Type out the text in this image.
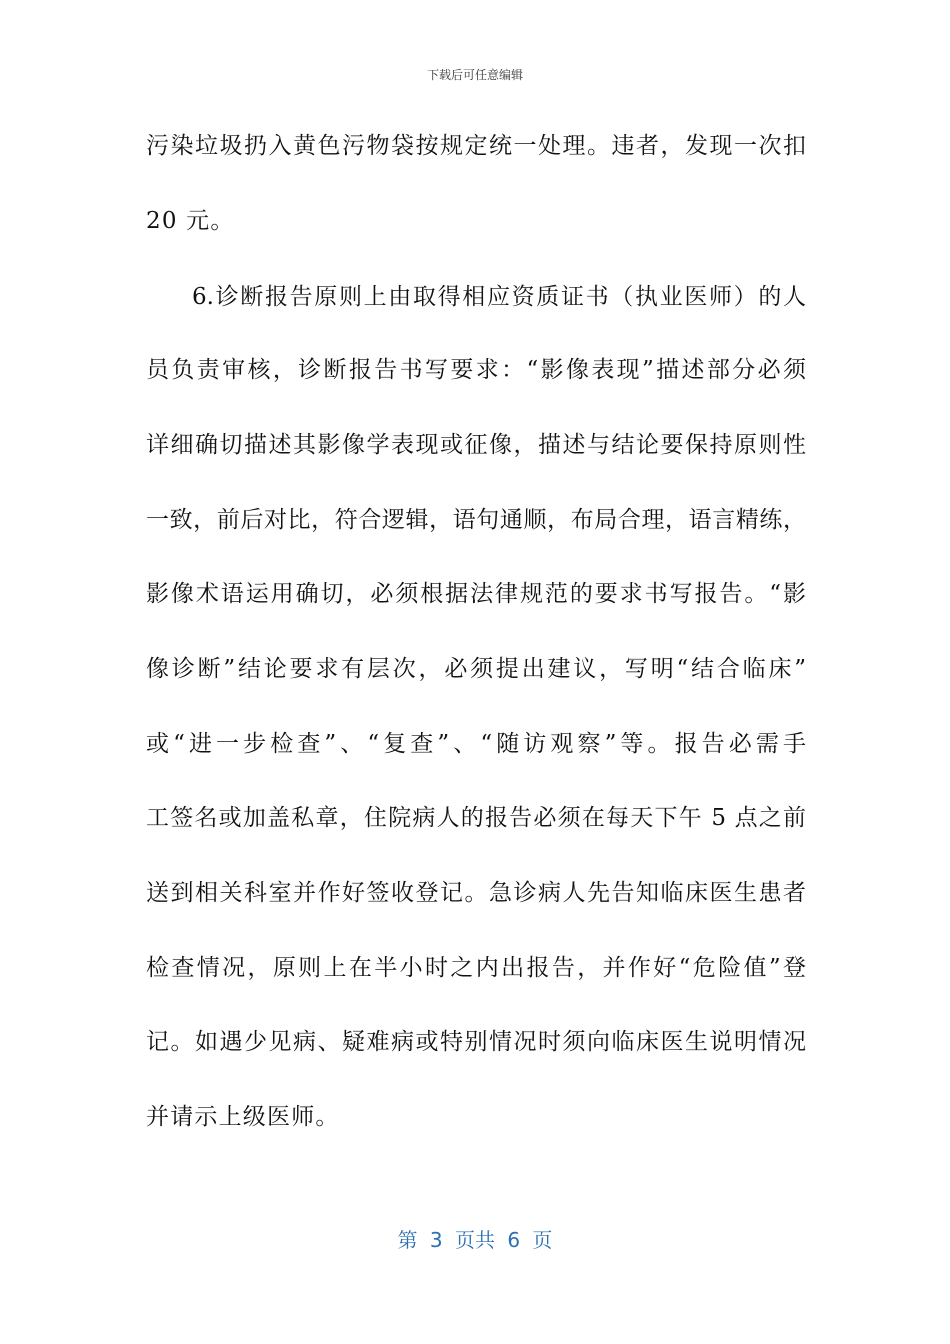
下载后可任意编辑
污染垃圾扔入黄色污物袋按规定统一处理。违者，发现一次扣
20 元。
6.诊断报告原则上由取得相应资质证书（执业医师）的人
员负责审核，诊断报告书写要求：“影像表现”描述部分必须
详细确切描述其影像学表现或征像，描述与结论要保持原则性
一致，前后对比，符合逻辑，语句通顺，布局合理，语言精练，
影像术语运用确切，必须根据法律规范的要求书写报告。“影
像诊断”结论要求有层次，必须提出建议，写明“结合临床”
或“进一步检查”、“复查”、“随访观察”等。报告必需手
工签名或加盖私章，住院病人的报告必须在每天下午 5 点之前
送到相关科室并作好签收登记。急诊病人先告知临床医生患者
检查情况，原则上在半小时之内出报告，并作好“危险值”登
记。如遇少见病、疑难病或特别情况时须向临床医生说明情况
并请示上级医师。
第 3 页共 6 页
